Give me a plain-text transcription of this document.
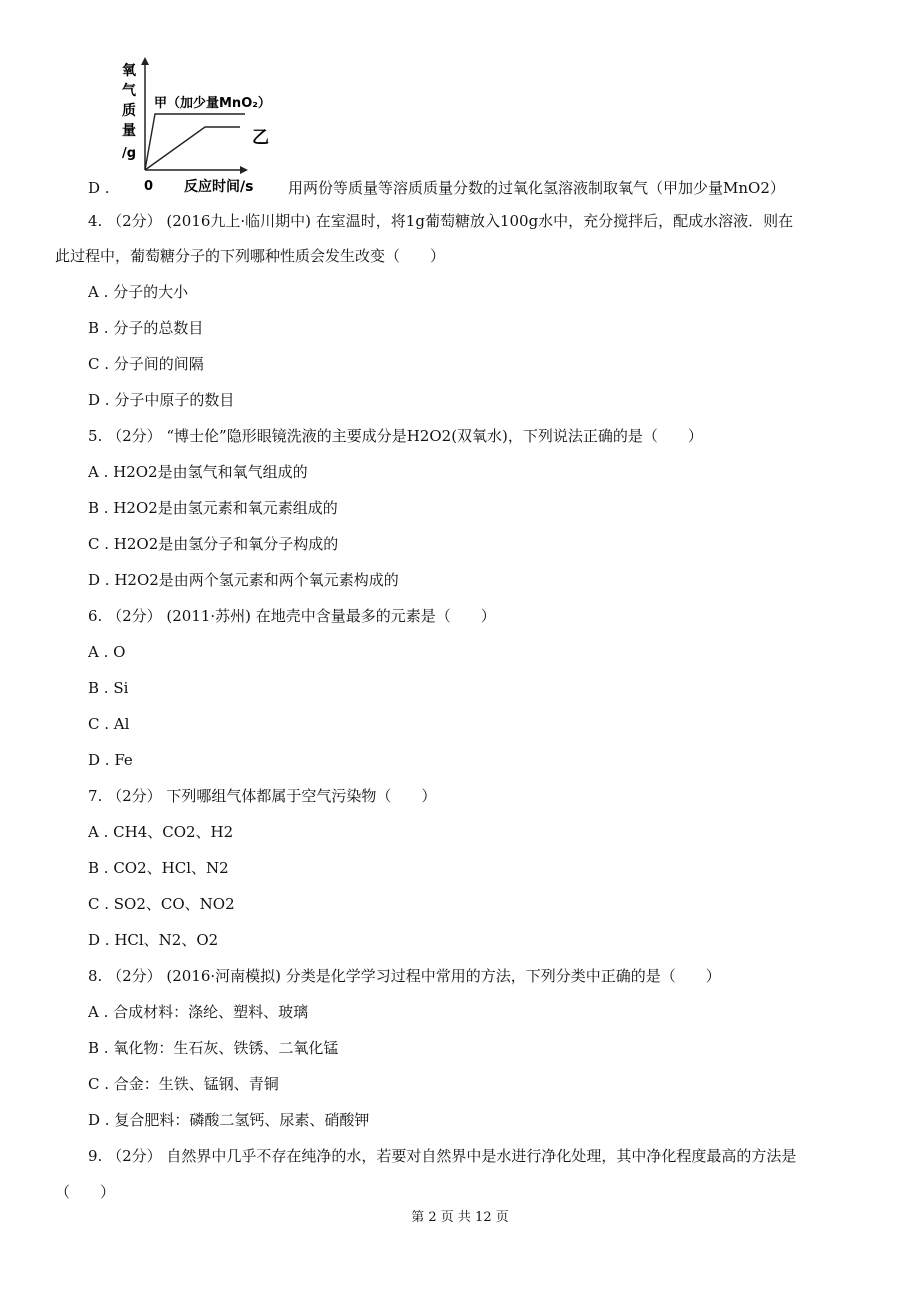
氧
气
质
量
/g
甲（加少量MnO₂）
乙
0 反应时间/s
D .	用两份等质量等溶质质量分数的过氧化氢溶液制取氧气（甲加少量MnO2）
4. （2分） (2016九上·临川期中) 在室温时，将1g葡萄糖放入100g水中，充分搅拌后，配成水溶液．则在
此过程中，葡萄糖分子的下列哪种性质会发生改变（　　）
A . 分子的大小
B . 分子的总数目
C . 分子间的间隔
D . 分子中原子的数目
5. （2分） “博士伦”隐形眼镜洗液的主要成分是H2O2(双氧水)，下列说法正确的是（　　）
A . H2O2是由氢气和氧气组成的
B . H2O2是由氢元素和氧元素组成的
C . H2O2是由氢分子和氧分子构成的
D . H2O2是由两个氢元素和两个氧元素构成的
6. （2分） (2011·苏州) 在地壳中含量最多的元素是（　　）
A . O
B . Si
C . Al
D . Fe
7. （2分） 下列哪组气体都属于空气污染物（　　）
A . CH4、CO2、H2
B . CO2、HCl、N2
C . SO2、CO、NO2
D . HCl、N2、O2
8. （2分） (2016·河南模拟) 分类是化学学习过程中常用的方法，下列分类中正确的是（　　）
A . 合成材料：涤纶、塑料、玻璃
B . 氧化物：生石灰、铁锈、二氧化锰
C . 合金：生铁、锰钢、青铜
D . 复合肥料：磷酸二氢钙、尿素、硝酸钾
9. （2分） 自然界中几乎不存在纯净的水，若要对自然界中是水进行净化处理，其中净化程度最高的方法是
（　　）
第 2 页 共 12 页
